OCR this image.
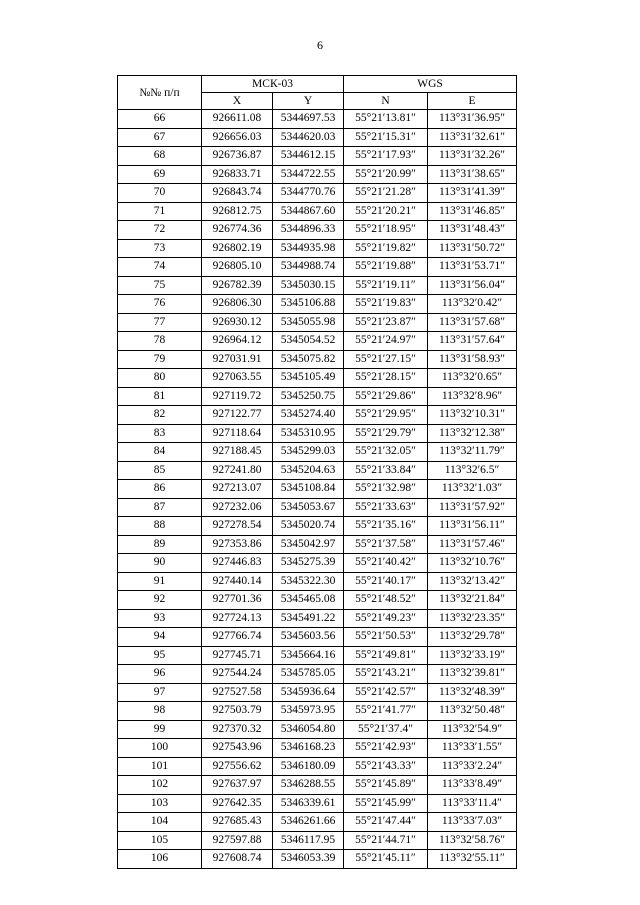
6
№№ п/п	МСК-03		WGS	
	X	Y	N	E
66	926611.08	5344697.53	55°21′13.81″	113°31′36.95″
67	926656.03	5344620.03	55°21′15.31″	113°31′32.61″
68	926736.87	5344612.15	55°21′17.93″	113°31′32.26″
69	926833.71	5344722.55	55°21′20.99″	113°31′38.65″
70	926843.74	5344770.76	55°21′21.28″	113°31′41.39″
71	926812.75	5344867.60	55°21′20.21″	113°31′46.85″
72	926774.36	5344896.33	55°21′18.95″	113°31′48.43″
73	926802.19	5344935.98	55°21′19.82″	113°31′50.72″
74	926805.10	5344988.74	55°21′19.88″	113°31′53.71″
75	926782.39	5345030.15	55°21′19.11″	113°31′56.04″
76	926806.30	5345106.88	55°21′19.83″	113°32′0.42″
77	926930.12	5345055.98	55°21′23.87″	113°31′57.68″
78	926964.12	5345054.52	55°21′24.97″	113°31′57.64″
79	927031.91	5345075.82	55°21′27.15″	113°31′58.93″
80	927063.55	5345105.49	55°21′28.15″	113°32′0.65″
81	927119.72	5345250.75	55°21′29.86″	113°32′8.96″
82	927122.77	5345274.40	55°21′29.95″	113°32′10.31″
83	927118.64	5345310.95	55°21′29.79″	113°32′12.38″
84	927188.45	5345299.03	55°21′32.05″	113°32′11.79″
85	927241.80	5345204.63	55°21′33.84″	113°32′6.5″
86	927213.07	5345108.84	55°21′32.98″	113°32′1.03″
87	927232.06	5345053.67	55°21′33.63″	113°31′57.92″
88	927278.54	5345020.74	55°21′35.16″	113°31′56.11″
89	927353.86	5345042.97	55°21′37.58″	113°31′57.46″
90	927446.83	5345275.39	55°21′40.42″	113°32′10.76″
91	927440.14	5345322.30	55°21′40.17″	113°32′13.42″
92	927701.36	5345465.08	55°21′48.52″	113°32′21.84″
93	927724.13	5345491.22	55°21′49.23″	113°32′23.35″
94	927766.74	5345603.56	55°21′50.53″	113°32′29.78″
95	927745.71	5345664.16	55°21′49.81″	113°32′33.19″
96	927544.24	5345785.05	55°21′43.21″	113°32′39.81″
97	927527.58	5345936.64	55°21′42.57″	113°32′48.39″
98	927503.79	5345973.95	55°21′41.77″	113°32′50.48″
99	927370.32	5346054.80	55°21′37.4″	113°32′54.9″
100	927543.96	5346168.23	55°21′42.93″	113°33′1.55″
101	927556.62	5346180.09	55°21′43.33″	113°33′2.24″
102	927637.97	5346288.55	55°21′45.89″	113°33′8.49″
103	927642.35	5346339.61	55°21′45.99″	113°33′11.4″
104	927685.43	5346261.66	55°21′47.44″	113°33′7.03″
105	927597.88	5346117.95	55°21′44.71″	113°32′58.76″
106	927608.74	5346053.39	55°21′45.11″	113°32′55.11″
